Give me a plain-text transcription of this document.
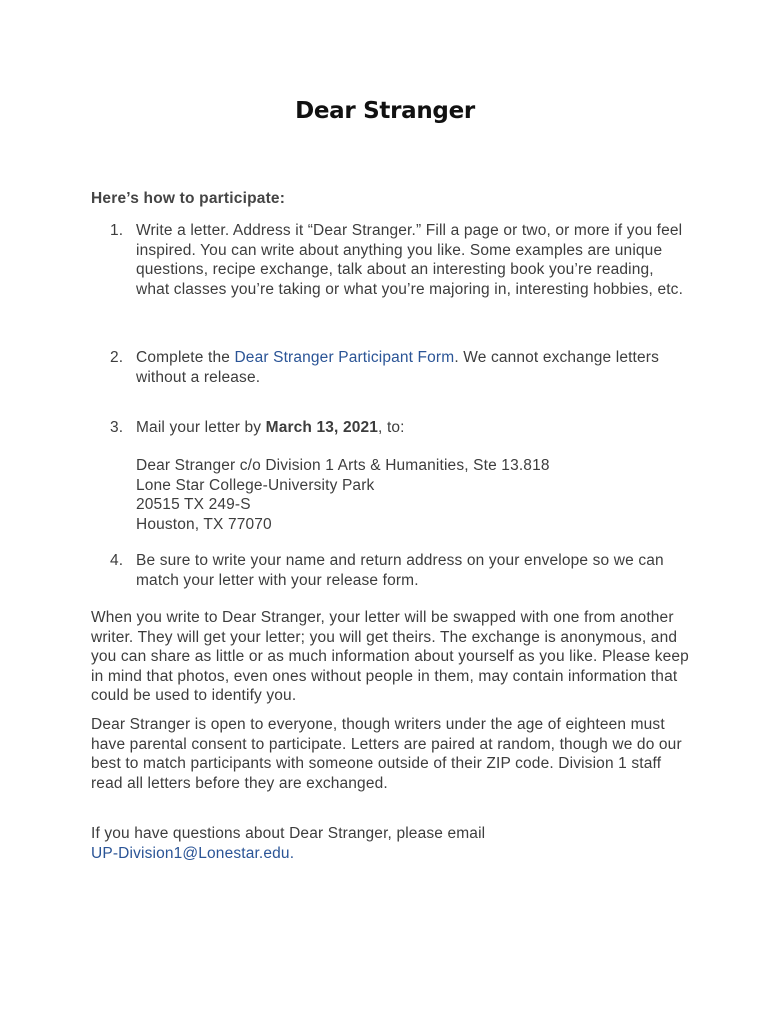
Dear Stranger
Here’s how to participate:
1. Write a letter. Address it “Dear Stranger.” Fill a page or two, or more if you feel inspired. You can write about anything you like. Some examples are unique questions, recipe exchange, talk about an interesting book you’re reading, what classes you’re taking or what you’re majoring in, interesting hobbies, etc.
2. Complete the Dear Stranger Participant Form. We cannot exchange letters without a release.
3. Mail your letter by March 13, 2021, to:
Dear Stranger c/o Division 1 Arts & Humanities, Ste 13.818
Lone Star College-University Park
20515 TX 249-S
Houston, TX 77070
4. Be sure to write your name and return address on your envelope so we can match your letter with your release form.
When you write to Dear Stranger, your letter will be swapped with one from another writer. They will get your letter; you will get theirs. The exchange is anonymous, and you can share as little or as much information about yourself as you like. Please keep in mind that photos, even ones without people in them, may contain information that could be used to identify you.
Dear Stranger is open to everyone, though writers under the age of eighteen must have parental consent to participate. Letters are paired at random, though we do our best to match participants with someone outside of their ZIP code. Division 1 staff read all letters before they are exchanged.
If you have questions about Dear Stranger, please email
UP-Division1@Lonestar.edu.
